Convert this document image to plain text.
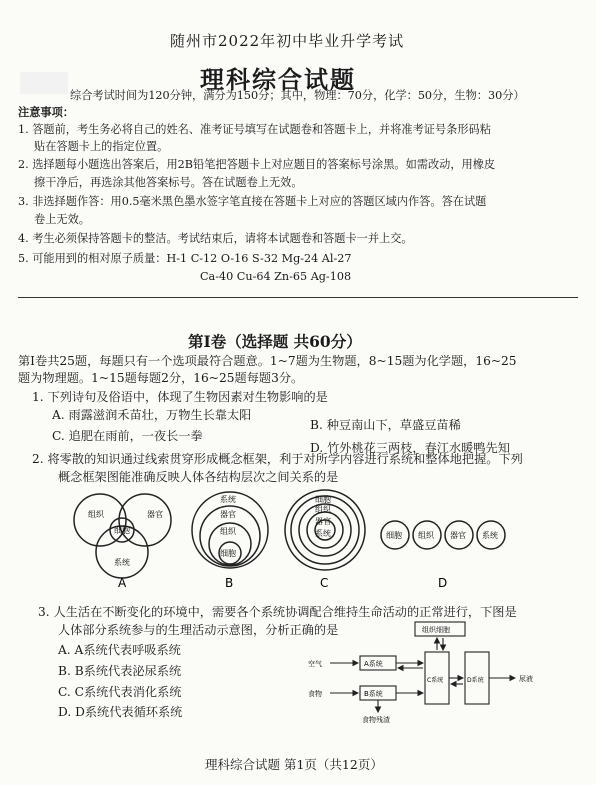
随州市2022年初中毕业升学考试
理科综合试题
综合考试时间为120分钟，满分为150分；其中，物理：70分，化学：50分，生物：30分）
注意事项：
1. 答题前，考生务必将自己的姓名、准考证号填写在试题卷和答题卡上，并将准考证号条形码粘
贴在答题卡上的指定位置。
2. 选择题每小题选出答案后，用2B铅笔把答题卡上对应题目的答案标号涂黑。如需改动，用橡皮
擦干净后，再选涂其他答案标号。答在试题卷上无效。
3. 非选择题作答：用0.5毫米黑色墨水签字笔直接在答题卡上对应的答题区域内作答。答在试题
卷上无效。
4. 考生必须保持答题卡的整洁。考试结束后，请将本试题卷和答题卡一并上交。
5. 可能用到的相对原子质量：H-1 C-12 O-16 S-32 Mg-24 Al-27
Ca-40 Cu-64 Zn-65 Ag-108
第Ⅰ卷（选择题 共60分）
第Ⅰ卷共25题，每题只有一个选项最符合题意。1~7题为生物题，8~15题为化学题，16~25
题为物理题。1~15题每题2分，16~25题每题3分。
1. 下列诗句及俗语中，体现了生物因素对生物影响的是
A. 雨露滋润禾苗壮，万物生长靠太阳
B. 种豆南山下，草盛豆苗稀
C. 追肥在雨前，一夜长一拳
D. 竹外桃花三两枝，春江水暖鸭先知
2. 将零散的知识通过线索贯穿形成概念框架，利于对所学内容进行系统和整体地把握。下列
概念框架图能准确反映人体各结构层次之间关系的是
组织	器官
细胞
系统
系统
器官
组织
细胞
细胞
组织
器官
系统	细胞 组织 器官 系统
A	B	C	D
3. 人生活在不断变化的环境中，需要各个系统协调配合维持生命活动的正常进行，下图是
人体部分系统参与的生理活动示意图，分析正确的是
A. A系统代表呼吸系统
B. B系统代表泌尿系统
C. C系统代表消化系统
D. D系统代表循环系统
组织细胞
空气
食物
A系统
B系统
C系统	D系统
食物残渣
尿液
理科综合试题 第1页（共12页）
